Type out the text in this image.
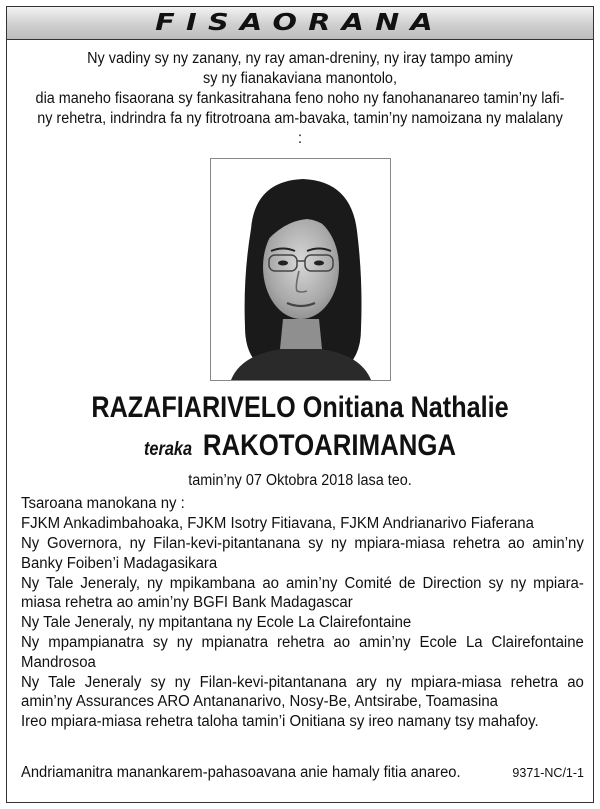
FISAORANA
Ny vadiny sy ny zanany, ny ray aman-dreniny, ny iray tampo aminy
sy ny fianakaviana manontolo,
dia maneho fisaorana sy fankasitrahana feno noho ny fanohananareo tamin’ny lafi-
ny rehetra, indrindra fa ny fitrotroana am-bavaka, tamin’ny namoizana ny malalany :
RAZAFIARIVELO Onitiana Nathalie
teraka RAKOTOARIMANGA
tamin’ny 07 Oktobra 2018 lasa teo.

Tsaroana manokana ny :

FJKM Ankadimbahoaka, FJKM Isotry Fitiavana, FJKM Andrianarivo Fiaferana

Ny Governora, ny Filan-kevi-pitantanana sy ny mpiara-miasa rehetra ao amin’ny Banky Foiben’i Madagasikara

Ny Tale Jeneraly, ny mpikambana ao amin’ny Comité de Direction sy ny mpiara-miasa rehetra ao amin’ny BGFI Bank Madagascar

Ny Tale Jeneraly, ny mpitantana ny Ecole La Clairefontaine

Ny mpampianatra sy ny mpianatra rehetra ao amin’ny Ecole La Clairefontaine Mandrosoa

Ny Tale Jeneraly sy ny Filan-kevi-pitantanana ary ny mpiara-miasa rehetra ao amin’ny Assurances ARO Antananarivo, Nosy-Be, Antsirabe, Toamasina

Ireo mpiara-miasa rehetra taloha tamin’i Onitiana sy ireo namany tsy mahafoy.

Andriamanitra manankarem-pahasoavana anie hamaly fitia anareo.	9371-NC/1-1
